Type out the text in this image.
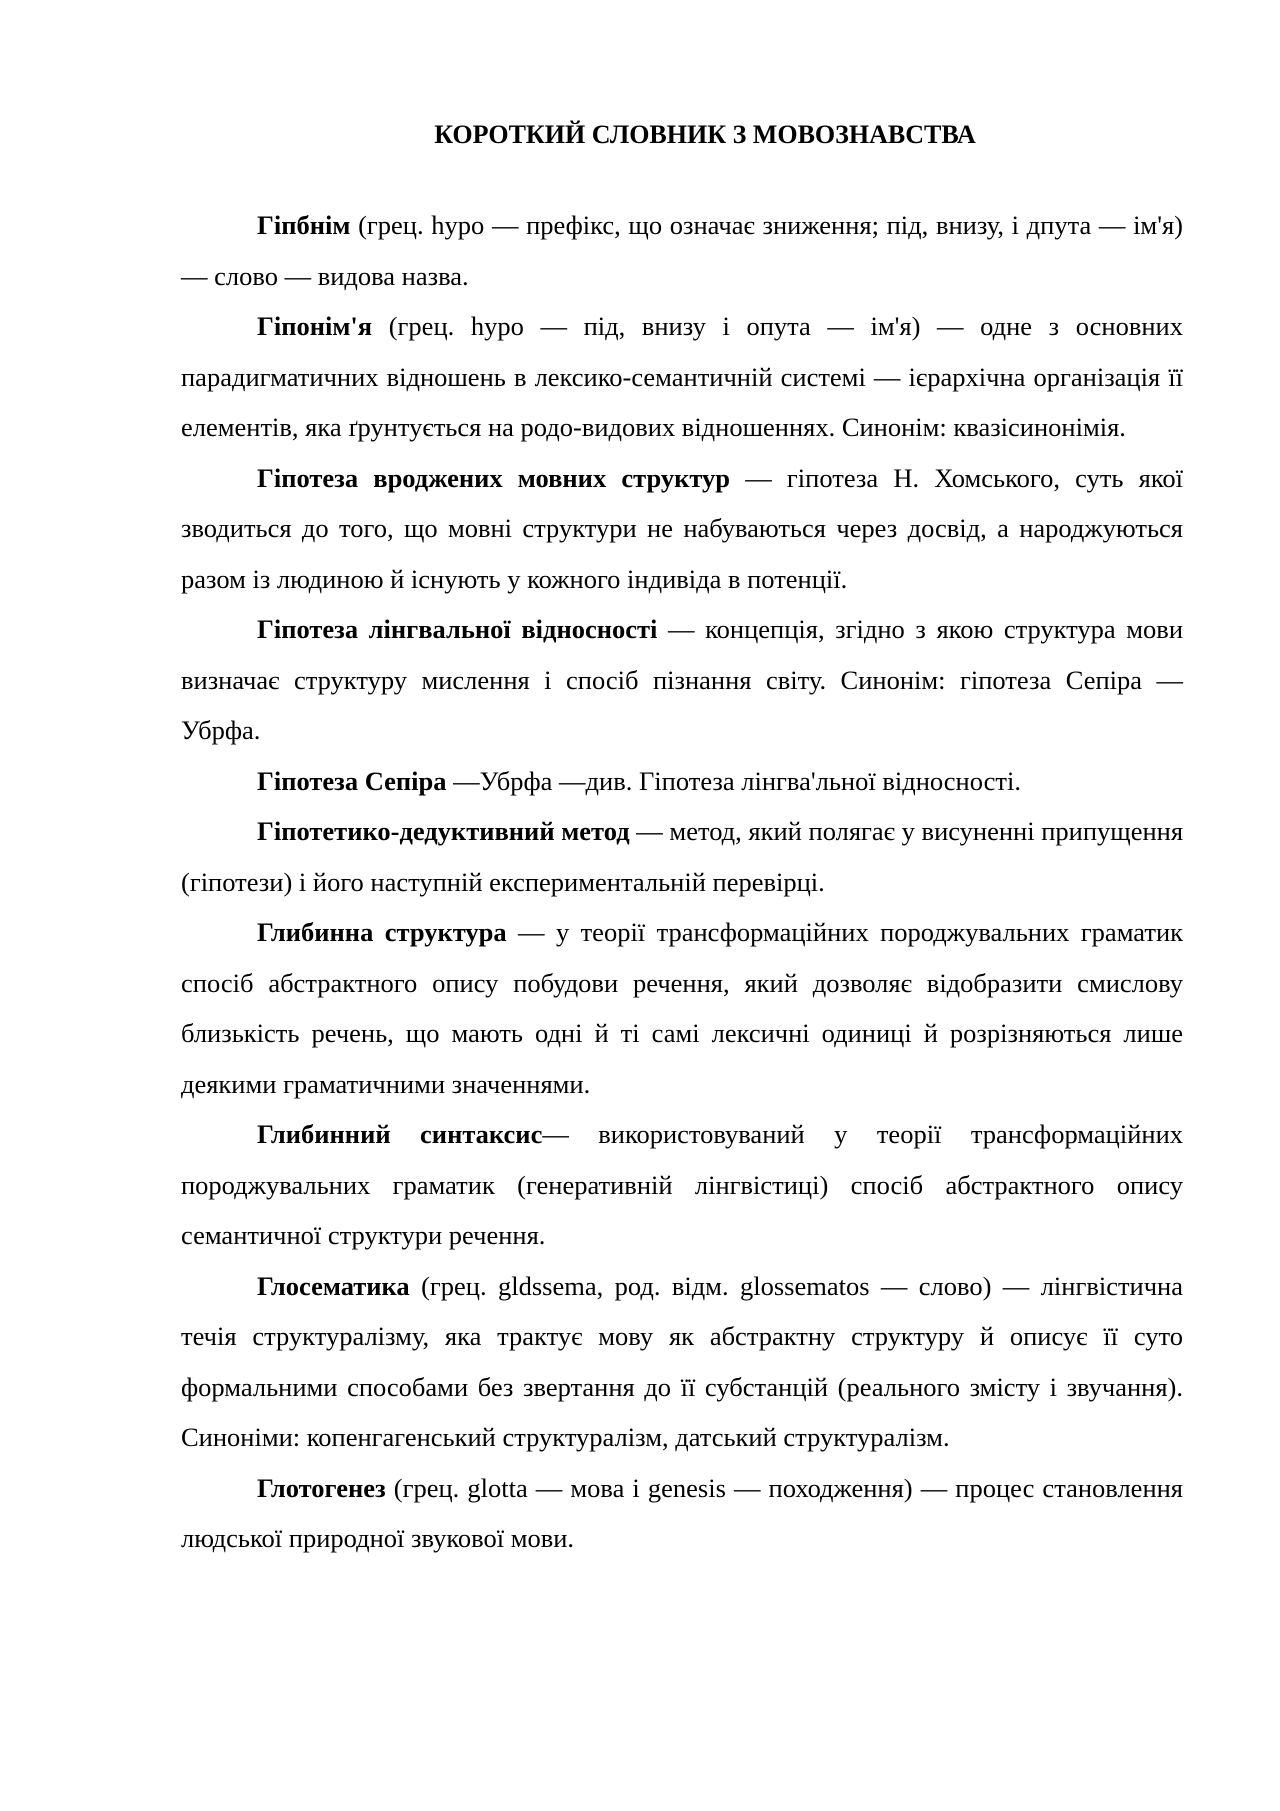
КОРОТКИЙ СЛОВНИК З МОВОЗНАВСТВА

Гіпбнім (грец. hypo — префікс, що означає зниження; під, внизу, і дпута — ім'я) — слово — видова назва.

Гіпонім'я (грец. hypo — під, внизу і опута — ім'я) — одне з основних парадигматичних відношень в лексико-семантичній системі — ієрархічна організація її елементів, яка ґрунтується на родо-видових відношеннях. Синонім: квазісинонімія.

Гіпотеза вроджених мовних структур — гіпотеза Н. Хомського, суть якої зводиться до того, що мовні структури не набуваються через досвід, а народжуються разом із людиною й існують у кожного індивіда в потенції.

Гіпотеза лінгвальної відносності — концепція, згідно з якою структура мови визначає структуру мислення і спосіб пізнання світу. Синонім: гіпотеза Сепіра — Убрфа.

Гіпотеза Сепіра —Убрфа —див. Гіпотеза лінгва'льної відносності.

Гіпотетико-дедуктивний метод — метод, який полягає у висуненні припущення (гіпотези) і його наступній експериментальній перевірці.

Глибинна структура — у теорії трансформаційних породжувальних граматик спосіб абстрактного опису побудови речення, який дозволяє відобразити смислову близькість речень, що мають одні й ті самі лексичні одиниці й розрізняються лише деякими граматичними значеннями.

Глибинний синтаксис— використовуваний у теорії трансформаційних породжувальних граматик (генеративній лінгвістиці) спосіб абстрактного опису семантичної структури речення.

Глосематика (грец. gldssema, род. відм. glossematos — слово) — лінгвістична течія структуралізму, яка трактує мову як абстрактну структуру й описує її суто формальними способами без звертання до її субстанцій (реального змісту і звучання). Синоніми: копенгагенський структуралізм, датський структуралізм.

Глотогенез (грец. glotta — мова і genesis — походження) — процес становлення людської природної звукової мови.
